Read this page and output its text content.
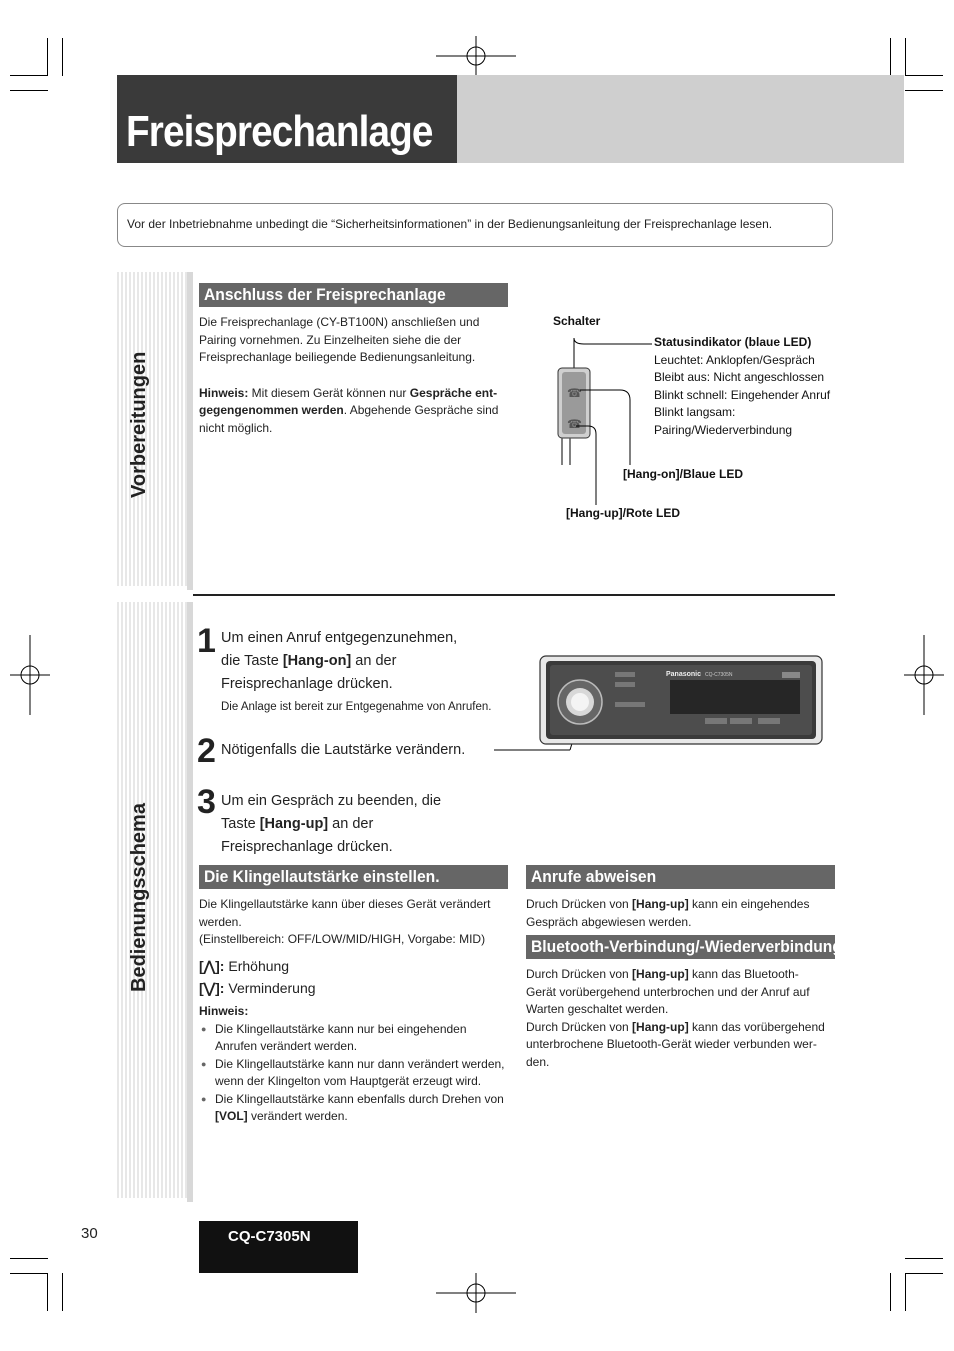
Freisprechanlage
Vor der Inbetriebnahme unbedingt die “Sicherheitsinformationen” in der Bedienungsanleitung der Freisprechanlage lesen.
Vorbereitungen
Bedienungsschema
Anschluss der Freisprechanlage
Die Freisprechanlage (CY-BT100N) anschließen und
Pairing vornehmen. Zu Einzelheiten siehe die der
Freisprechanlage beiliegende Bedienungsanleitung.
Hinweis: Mit diesem Gerät können nur Gespräche ent-
gegengenommen werden. Abgehende Gespräche sind
nicht möglich.
☎
☎
Schalter
Statusindikator (blaue LED)
Leuchtet: Anklopfen/Gespräch
Bleibt aus: Nicht angeschlossen
Blinkt schnell: Eingehender Anruf
Blinkt langsam:
Pairing/Wiederverbindung
[Hang-on]/Blaue LED
[Hang-up]/Rote LED
1 Um einen Anruf entgegenzunehmen,
die Taste [Hang-on] an der
Freisprechanlage drücken.
Die Anlage ist bereit zur Entgegenahme von Anrufen.
2 Nötigenfalls die Lautstärke verändern.
3 Um ein Gespräch zu beenden, die
Taste [Hang-up] an der
Freisprechanlage drücken.
Panasonic CQ-C7305N
Die Klingellautstärke einstellen.
Die Klingellautstärke kann über dieses Gerät verändert
werden.
(Einstellbereich: OFF/LOW/MID/HIGH, Vorgabe: MID)
[⋀]: Erhöhung
[⋁]: Verminderung
Hinweis:
● Die Klingellautstärke kann nur bei eingehenden
Anrufen verändert werden.
● Die Klingellautstärke kann nur dann verändert werden,
wenn der Klingelton vom Hauptgerät erzeugt wird.
● Die Klingellautstärke kann ebenfalls durch Drehen von
[VOL] verändert werden.
Anrufe abweisen
Druch Drücken von [Hang-up] kann ein eingehendes
Gespräch abgewiesen werden.
Bluetooth-Verbindung/-Wiederverbindung
Durch Drücken von [Hang-up] kann das Bluetooth-
Gerät vorübergehend unterbrochen und der Anruf auf
Warten geschaltet werden.
Durch Drücken von [Hang-up] kann das vorübergehend
unterbrochene Bluetooth-Gerät wieder verbunden wer-
den.
30	CQ-C7305N
